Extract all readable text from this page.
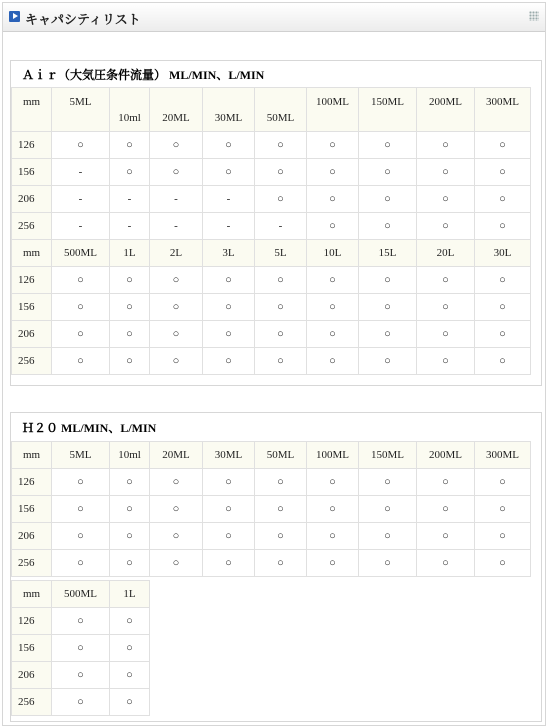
キャパシティリスト
Ａｉｒ（大気圧条件流量） ML/MIN、L/MIN
mm	5ML	10ml	20ML	30ML	50ML	100ML	150ML	200ML	300ML
126	○	○	○	○	○	○	○	○	○
156	-	○	○	○	○	○	○	○	○
206	-	-	-	-	○	○	○	○	○
256	-	-	-	-	-	○	○	○	○
mm	500ML	1L	2L	3L	5L	10L	15L	20L	30L
126	○	○	○	○	○	○	○	○	○
156	○	○	○	○	○	○	○	○	○
206	○	○	○	○	○	○	○	○	○
256	○	○	○	○	○	○	○	○	○
Ｈ２０ ML/MIN、L/MIN
mm	5ML	10ml	20ML	30ML	50ML	100ML	150ML	200ML	300ML
126	○	○	○	○	○	○	○	○	○
156	○	○	○	○	○	○	○	○	○
206	○	○	○	○	○	○	○	○	○
256	○	○	○	○	○	○	○	○	○
mm	500ML	1L
126	○	○
156	○	○
206	○	○
256	○	○
